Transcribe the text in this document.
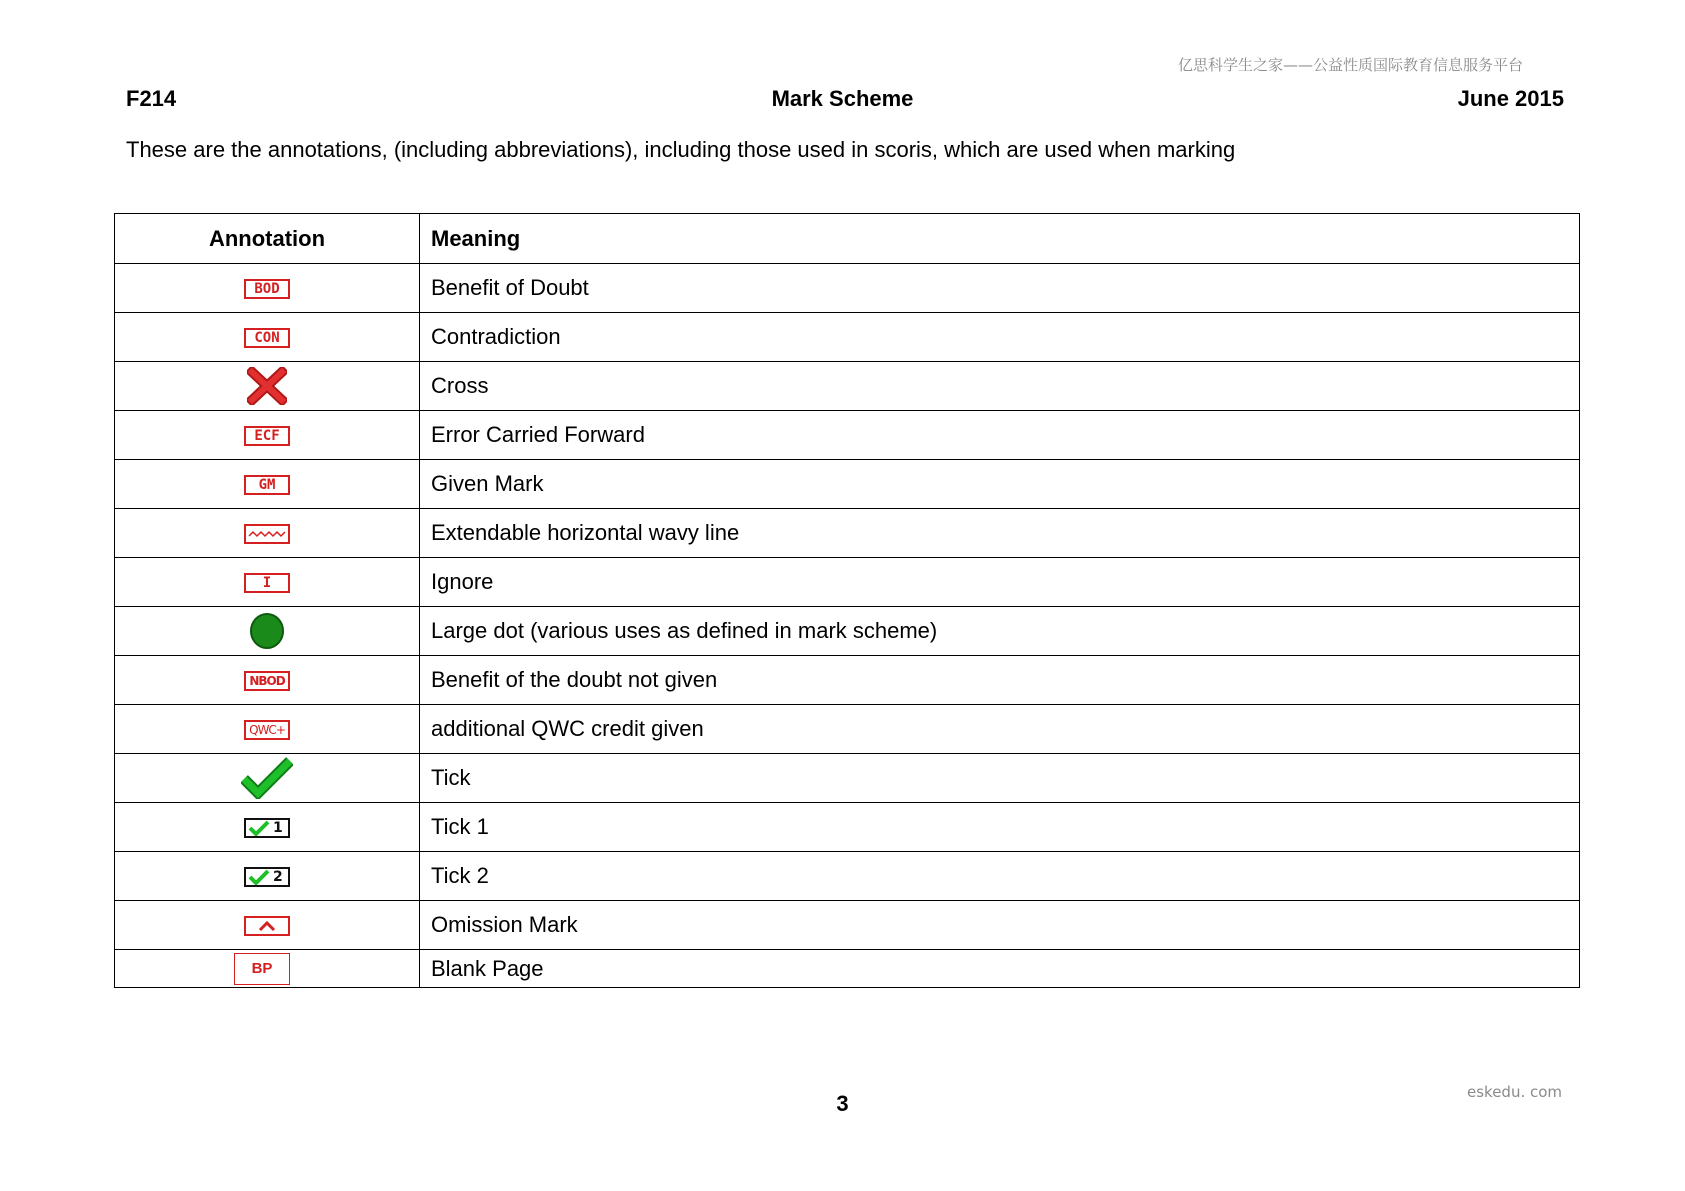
亿思科学生之家——公益性质国际教育信息服务平台
F214	Mark Scheme	June 2015
These are the annotations, (including abbreviations), including those used in scoris, which are used when marking
Annotation	Meaning
BOD	Benefit of Doubt
CON	Contradiction
	Cross
ECF	Error Carried Forward
GM	Given Mark

	Extendable horizontal wavy line
I	Ignore
	Large dot (various uses as defined in mark scheme)
NBOD	Benefit of the doubt not given
QWC+	additional QWC credit given
	Tick

1	Tick 1

2	Tick 2

	Omission Mark
BP	Blank Page
3	eskedu. com
